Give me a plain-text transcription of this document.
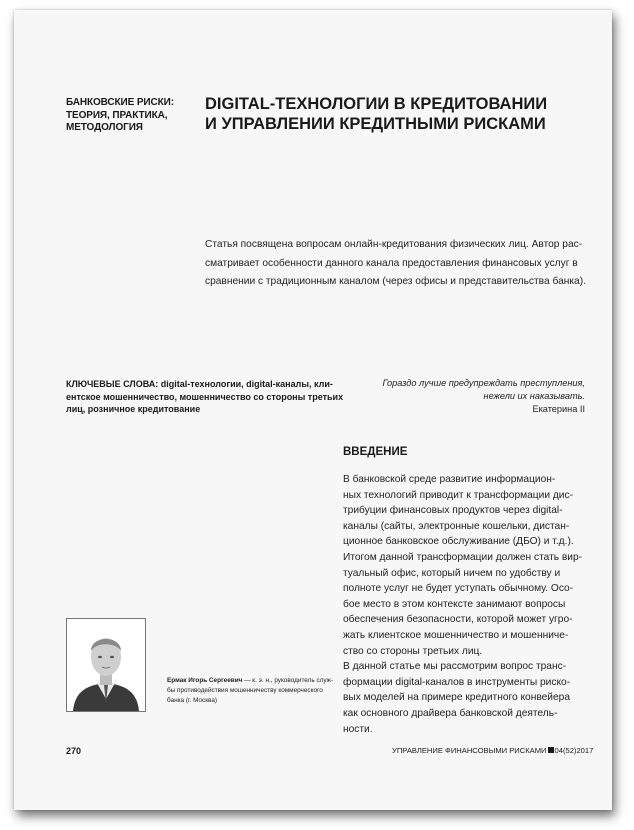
БАНКОВСКИЕ РИСКИ:
ТЕОРИЯ, ПРАКТИКА,
МЕТОДОЛОГИЯ
DIGITAL-ТЕХНОЛОГИИ В КРЕДИТОВАНИИ
И УПРАВЛЕНИИ КРЕДИТНЫМИ РИСКАМИ
Статья посвящена вопросам онлайн-кредитования физических лиц. Автор рас-
сматривает особенности данного канала предоставления финансовых услуг в
сравнении с традиционным каналом (через офисы и представительства банка).
КЛЮЧЕВЫЕ СЛОВА: digital-технологии, digital-каналы, кли-
ентское мошенничество, мошенничество со стороны третьих
лиц, розничное кредитование
Гораздо лучше предупреждать преступления,
нежели их наказывать.
Екатерина II
ВВЕДЕНИЕ
В банковской среде развитие информацион-
ных технологий приводит к трансформации дис-
трибуции финансовых продуктов через digital-
каналы (сайты, электронные кошельки, дистан-
ционное банковское обслуживание (ДБО) и т.д.).
Итогом данной трансформации должен стать вир-
туальный офис, который ничем по удобству и
полноте услуг не будет уступать обычному. Осо-
бое место в этом контексте занимают вопросы
обеспечения безопасности, которой может угро-
жать клиентское мошенничество и мошенниче-
ство со стороны третьих лиц.
В данной статье мы рассмотрим вопрос транс-
формации digital-каналов в инструменты риско-
вых моделей на примере кредитного конвейера
как основного драйвера банковской деятель-
ности.
Ермак Игорь Сергеевич — к. э. н., руководитель служ-
бы противодействия мошенничеству коммерческого
банка (г. Москва)
270	УПРАВЛЕНИЕ ФИНАНСОВЫМИ РИСКАМИ 04(52)2017
